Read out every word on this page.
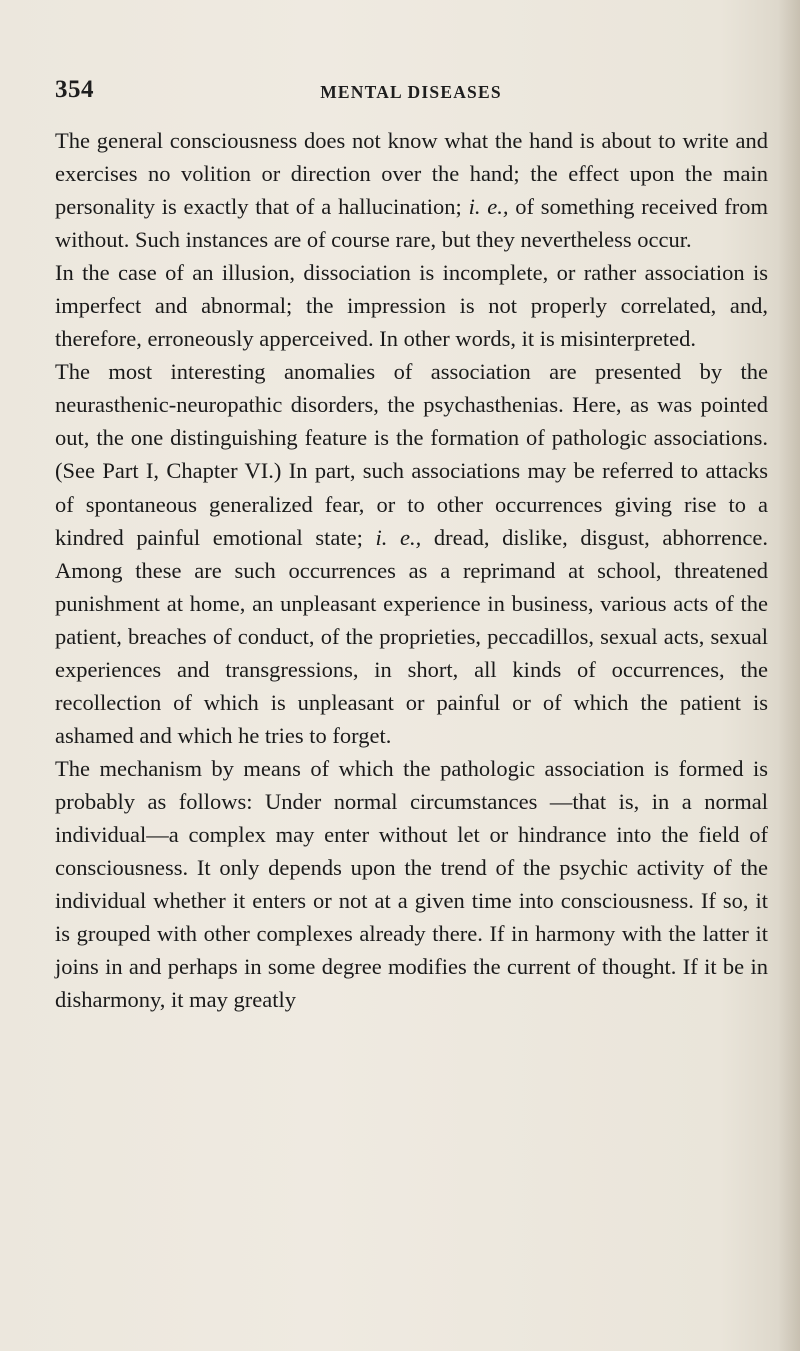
354	MENTAL DISEASES

The general consciousness does not know what the hand is about to write and exercises no volition or direction over the hand; the effect upon the main personality is exactly that of a hallucination; i. e., of something received from without. Such instances are of course rare, but they nevertheless occur.

In the case of an illusion, dissociation is incomplete, or rather association is imperfect and abnormal; the impression is not properly correlated, and, therefore, erroneously apperceived. In other words, it is misinterpreted.

The most interesting anomalies of association are presented by the neurasthenic-neuropathic disorders, the psychasthenias. Here, as was pointed out, the one distinguishing feature is the formation of pathologic associations. (See Part I, Chapter VI.) In part, such associations may be referred to attacks of spontaneous generalized fear, or to other occurrences giving rise to a kindred painful emotional state; i. e., dread, dislike, disgust, abhorrence. Among these are such occurrences as a reprimand at school, threatened punishment at home, an unpleasant experience in business, various acts of the patient, breaches of conduct, of the proprieties, peccadillos, sexual acts, sexual experiences and transgressions, in short, all kinds of occurrences, the recollection of which is unpleasant or painful or of which the patient is ashamed and which he tries to forget.

The mechanism by means of which the pathologic association is formed is probably as follows: Under normal circumstances —that is, in a normal individual—a complex may enter without let or hindrance into the field of consciousness. It only depends upon the trend of the psychic activity of the individual whether it enters or not at a given time into consciousness. If so, it is grouped with other complexes already there. If in harmony with the latter it joins in and perhaps in some degree modifies the current of thought. If it be in disharmony, it may greatly
